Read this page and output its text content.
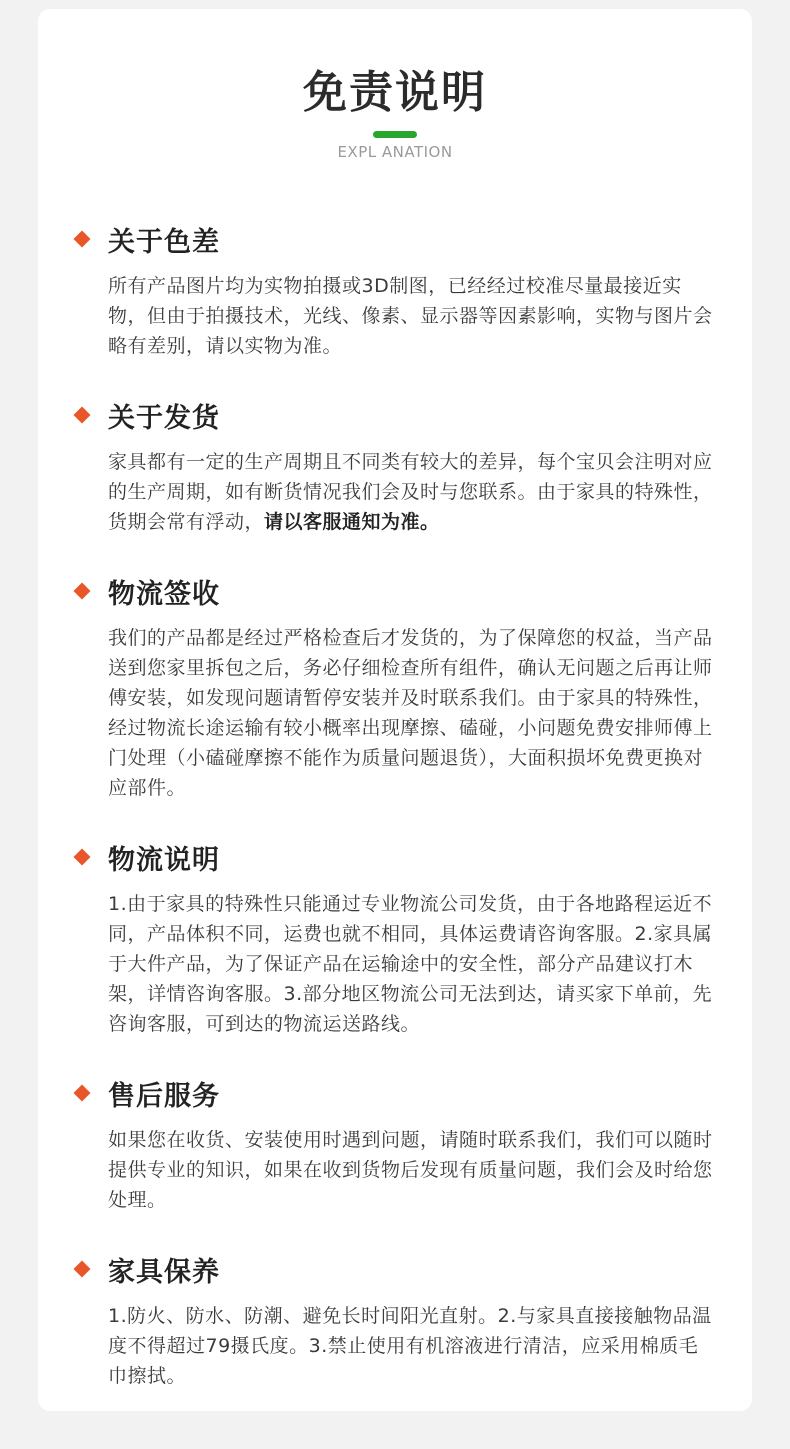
免责说明
EXPL ANATION
关于色差
所有产品图片均为实物拍摄或3D制图，已经经过校准尽量最接近实物，但由于拍摄技术，光线、像素、显示器等因素影响，实物与图片会略有差别，请以实物为准。
关于发货
家具都有一定的生产周期且不同类有较大的差异，每个宝贝会注明对应的生产周期，如有断货情况我们会及时与您联系。由于家具的特殊性，货期会常有浮动，请以客服通知为准。
物流签收
我们的产品都是经过严格检查后才发货的，为了保障您的权益，当产品送到您家里拆包之后，务必仔细检查所有组件，确认无问题之后再让师傅安装，如发现问题请暂停安装并及时联系我们。由于家具的特殊性，经过物流长途运输有较小概率出现摩擦、磕碰，小问题免费安排师傅上门处理（小磕碰摩擦不能作为质量问题退货），大面积损坏免费更换对应部件。
物流说明
1.由于家具的特殊性只能通过专业物流公司发货，由于各地路程运近不同，产品体积不同，运费也就不相同，具体运费请咨询客服。2.家具属于大件产品，为了保证产品在运输途中的安全性，部分产品建议打木架，详情咨询客服。3.部分地区物流公司无法到达，请买家下单前，先咨询客服，可到达的物流运送路线。
售后服务
如果您在收货、安装使用时遇到问题，请随时联系我们，我们可以随时提供专业的知识，如果在收到货物后发现有质量问题，我们会及时给您处理。
家具保养
1.防火、防水、防潮、避免长时间阳光直射。2.与家具直接接触物品温度不得超过79摄氏度。3.禁止使用有机溶液进行清洁，应采用棉质毛巾擦拭。
